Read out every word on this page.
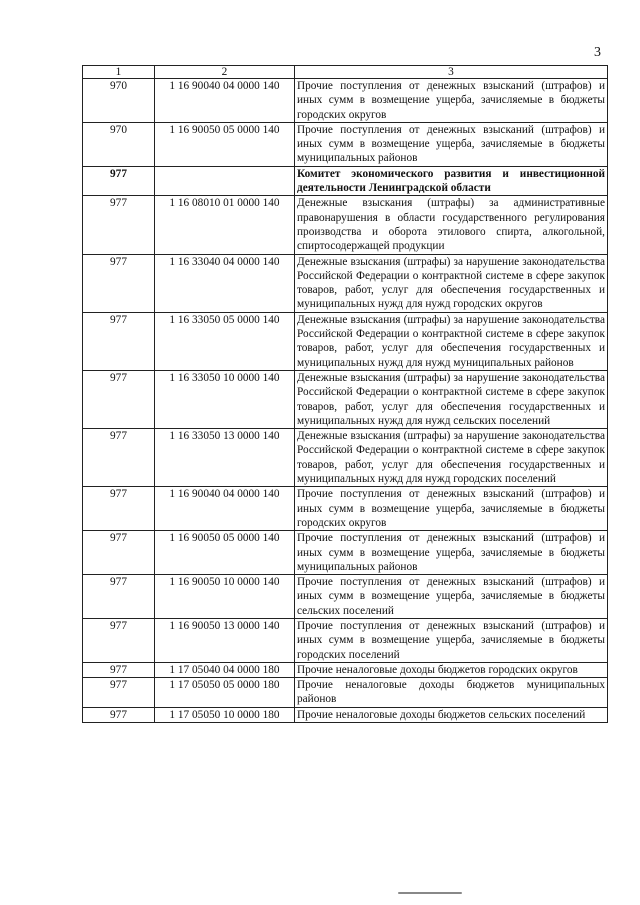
3
1	2	3
970	1 16 90040 04 0000 140	Прочие поступления от денежных взысканий (штрафов) и иных сумм в возмещение ущерба, зачисляемые в бюджеты городских округов
970	1 16 90050 05 0000 140	Прочие поступления от денежных взысканий (штрафов) и иных сумм в возмещение ущерба, зачисляемые в бюджеты муниципальных районов
977		Комитет экономического развития и инвестиционной деятельности Ленинградской области
977	1 16 08010 01 0000 140	Денежные взыскания (штрафы) за административные правонарушения в области государственного регулирования производства и оборота этилового спирта, алкогольной, спиртосодержащей продукции
977	1 16 33040 04 0000 140	Денежные взыскания (штрафы) за нарушение законодательства Российской Федерации о контрактной системе в сфере закупок товаров, работ, услуг для обеспечения государственных и муниципальных нужд для нужд городских округов
977	1 16 33050 05 0000 140	Денежные взыскания (штрафы) за нарушение законодательства Российской Федерации о контрактной системе в сфере закупок товаров, работ, услуг для обеспечения государственных и муниципальных нужд для нужд муниципальных районов
977	1 16 33050 10 0000 140	Денежные взыскания (штрафы) за нарушение законодательства Российской Федерации о контрактной системе в сфере закупок товаров, работ, услуг для обеспечения государственных и муниципальных нужд для нужд сельских поселений
977	1 16 33050 13 0000 140	Денежные взыскания (штрафы) за нарушение законодательства Российской Федерации о контрактной системе в сфере закупок товаров, работ, услуг для обеспечения государственных и муниципальных нужд для нужд городских поселений
977	1 16 90040 04 0000 140	Прочие поступления от денежных взысканий (штрафов) и иных сумм в возмещение ущерба, зачисляемые в бюджеты городских округов
977	1 16 90050 05 0000 140	Прочие поступления от денежных взысканий (штрафов) и иных сумм в возмещение ущерба, зачисляемые в бюджеты муниципальных районов
977	1 16 90050 10 0000 140	Прочие поступления от денежных взысканий (штрафов) и иных сумм в возмещение ущерба, зачисляемые в бюджеты сельских поселений
977	1 16 90050 13 0000 140	Прочие поступления от денежных взысканий (штрафов) и иных сумм в возмещение ущерба, зачисляемые в бюджеты городских поселений
977	1 17 05040 04 0000 180	Прочие неналоговые доходы бюджетов городских округов
977	1 17 05050 05 0000 180	Прочие неналоговые доходы бюджетов муниципальных районов
977	1 17 05050 10 0000 180	Прочие неналоговые доходы бюджетов сельских поселений
